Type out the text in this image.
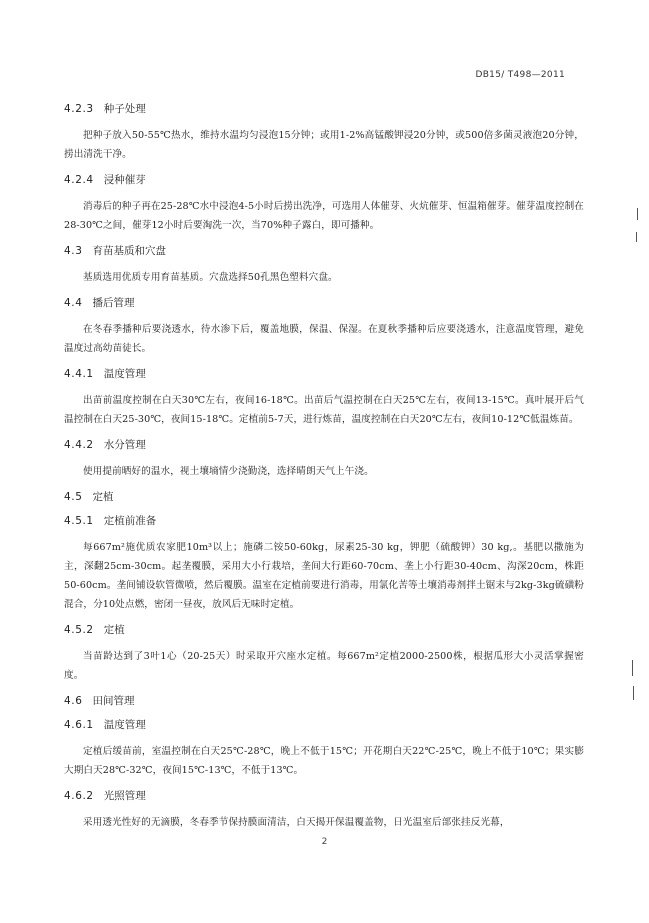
DB15/ T498—2011
4.2.3 种子处理

把种子放入50-55℃热水，维持水温均匀浸泡15分钟；或用1-2%高锰酸钾浸20分钟，或500倍多菌灵液泡20分钟，捞出清洗干净。

4.2.4 浸种催芽

消毒后的种子再在25-28℃水中浸泡4-5小时后捞出洗净，可选用人体催芽、火炕催芽、恒温箱催芽。催芽温度控制在28-30℃之间，催芽12小时后要淘洗一次，当70%种子露白，即可播种。

4.3 育苗基质和穴盘

基质选用优质专用育苗基质。穴盘选择50孔黑色塑料穴盘。

4.4 播后管理

在冬春季播种后要浇透水，待水渗下后，覆盖地膜，保温、保湿。在夏秋季播种后应要浇透水，注意温度管理，避免温度过高幼苗徒长。

4.4.1 温度管理

出苗前温度控制在白天30℃左右，夜间16-18℃。出苗后气温控制在白天25℃左右，夜间13-15℃。真叶展开后气温控制在白天25-30℃，夜间15-18℃。定植前5-7天，进行炼苗，温度控制在白天20℃左右，夜间10-12℃低温炼苗。

4.4.2 水分管理

使用提前晒好的温水，视土壤墒情少浇勤浇，选择晴朗天气上午浇。

4.5 定植
4.5.1 定植前准备

每667m²施优质农家肥10m³以上；施磷二铵50-60kg，尿素25-30 kg，钾肥（硫酸钾）30 kg,。基肥以撒施为主，深翻25cm-30cm。起垄覆膜，采用大小行栽培，垄间大行距60-70cm、垄上小行距30-40cm、沟深20cm，株距50-60cm。垄间铺设软管微喷，然后覆膜。温室在定植前要进行消毒，用氯化苦等土壤消毒剂拌土锯末与2kg-3kg硫磺粉混合，分10处点燃，密闭一昼夜，放风后无味时定植。

4.5.2 定植

当苗龄达到了3叶1心（20-25天）时采取开穴座水定植。每667m²定植2000-2500株，根据瓜形大小灵活掌握密度。

4.6 田间管理
4.6.1 温度管理

定植后缓苗前，室温控制在白天25℃-28℃，晚上不低于15℃；开花期白天22℃-25℃，晚上不低于10℃；果实膨大期白天28℃-32℃，夜间15℃-13℃，不低于13℃。

4.6.2 光照管理

采用透光性好的无滴膜，冬春季节保持膜面清洁，白天揭开保温覆盖物，日光温室后部张挂反光幕，

2
